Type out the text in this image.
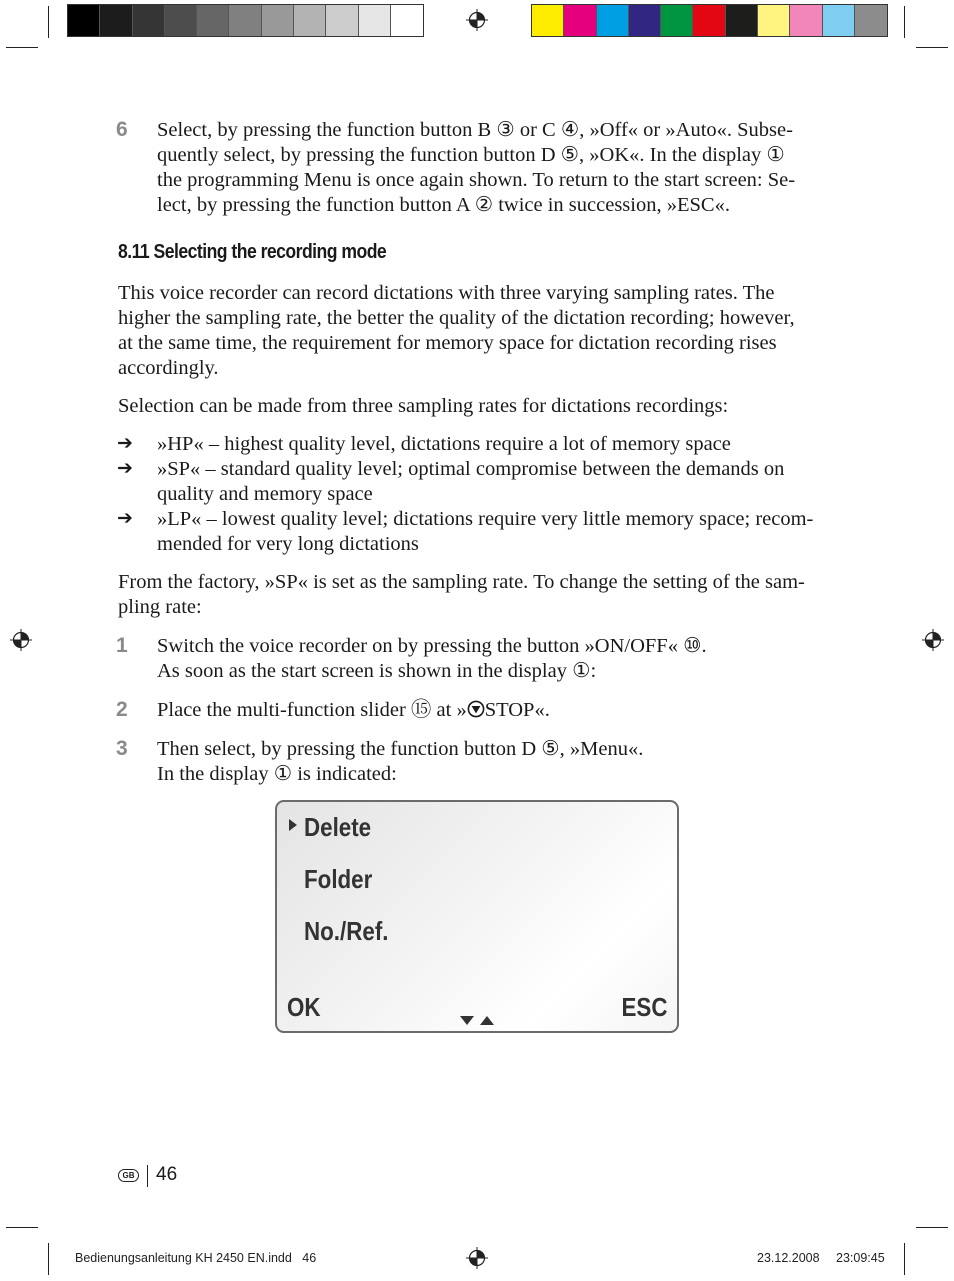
6 Select, by pressing the function button B ③ or C ④, »Off« or »Auto«. Subse-
quently select, by pressing the function button D ⑤, »OK«. In the display ①
the programming Menu is once again shown. To return to the start screen: Se-
lect, by pressing the function button A ② twice in succession, »ESC«.
8.11 Selecting the recording mode
This voice recorder can record dictations with three varying sampling rates. The
higher the sampling rate, the better the quality of the dictation recording; however,
at the same time, the requirement for memory space for dictation recording rises
accordingly.
Selection can be made from three sampling rates for dictations recordings:
➔ »HP« – highest quality level, dictations require a lot of memory space
➔ »SP« – standard quality level; optimal compromise between the demands on
quality and memory space
➔ »LP« – lowest quality level; dictations require very little memory space; recom-
mended for very long dictations
From the factory, »SP« is set as the sampling rate. To change the setting of the sam-
pling rate:
1 Switch the voice recorder on by pressing the button »ON/OFF« ⑩.
As soon as the start screen is shown in the display ①:
2 Place the multi-function slider ⑮ at » STOP«.
3 Then select, by pressing the function button D ⑤, »Menu«.
In the display ① is indicated:
Delete
Folder
No./Ref.
OK	ESC
GB 46
Bedienungsanleitung KH 2450 EN.indd   46	23.12.2008 23:09:45
